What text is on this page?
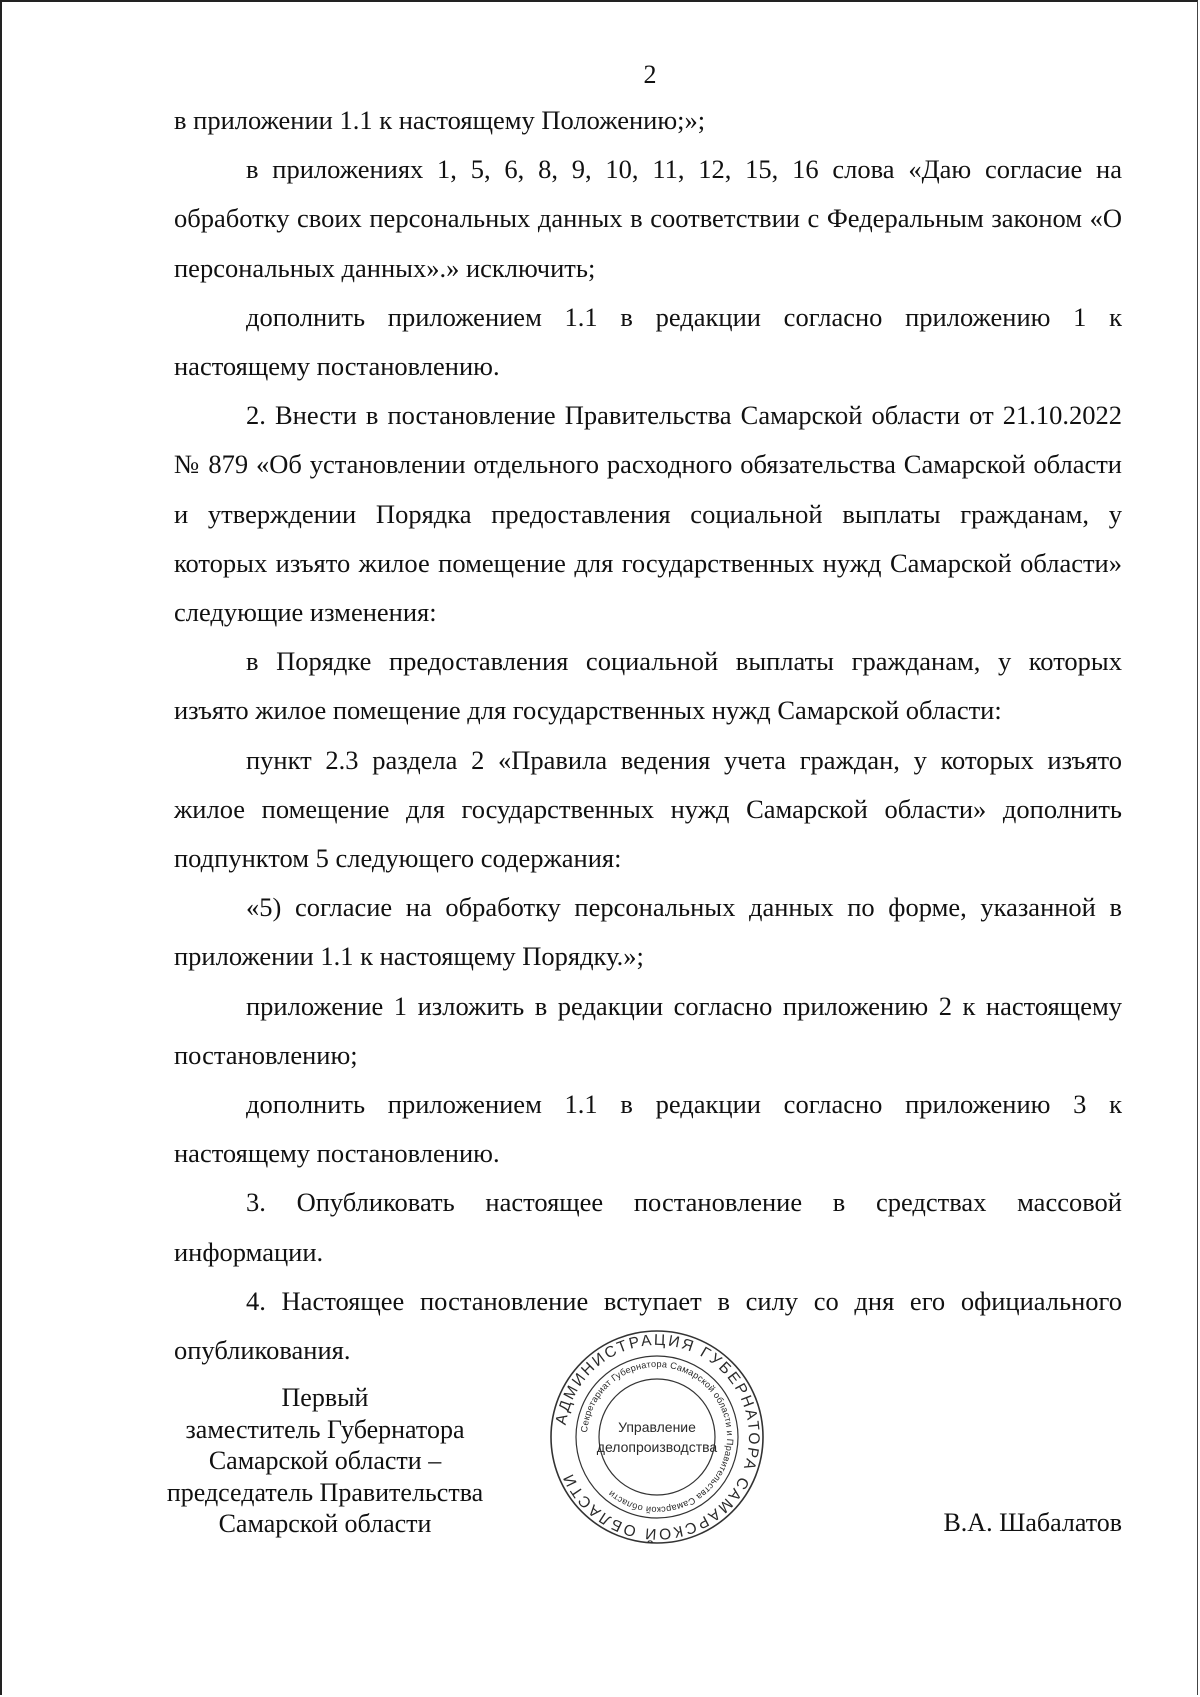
2

в приложении 1.1 к настоящему Положению;»;

в приложениях 1, 5, 6, 8, 9, 10, 11, 12, 15, 16 слова «Даю согласие на обработку своих персональных данных в соответствии с Федеральным законом «О персональных данных».» исключить;

дополнить приложением 1.1 в редакции согласно приложению 1 к настоящему постановлению.

2. Внести в постановление Правительства Самарской области от 21.10.2022 № 879 «Об установлении отдельного расходного обязательства Самарской области и утверждении Порядка предоставления социальной выплаты гражданам, у которых изъято жилое помещение для государственных нужд Самарской области» следующие изменения:

в Порядке предоставления социальной выплаты гражданам, у которых изъято жилое помещение для государственных нужд Самарской области:

пункт 2.3 раздела 2 «Правила ведения учета граждан, у которых изъято жилое помещение для государственных нужд Самарской области» дополнить подпунктом 5 следующего содержания:

«5) согласие на обработку персональных данных по форме, указанной в приложении 1.1 к настоящему Порядку.»;

приложение 1 изложить в редакции согласно приложению 2 к настоящему постановлению;

дополнить приложением 1.1 в редакции согласно приложению 3 к настоящему постановлению.

3. Опубликовать настоящее постановление в средствах массовой информации.

4. Настоящее постановление вступает в силу со дня его официального опубликования.

Первый
заместитель Губернатора
Самарской области –
председатель Правительства
Самарской области
АДМИНИСТРАЦИЯ ГУБЕРНАТОРА САМАРСКОЙ ОБЛАСТИ
Секретариат Губернатора Самарской области и Правительства Самарской области
Управление
делопроизводства
В.А. Шабалатов
